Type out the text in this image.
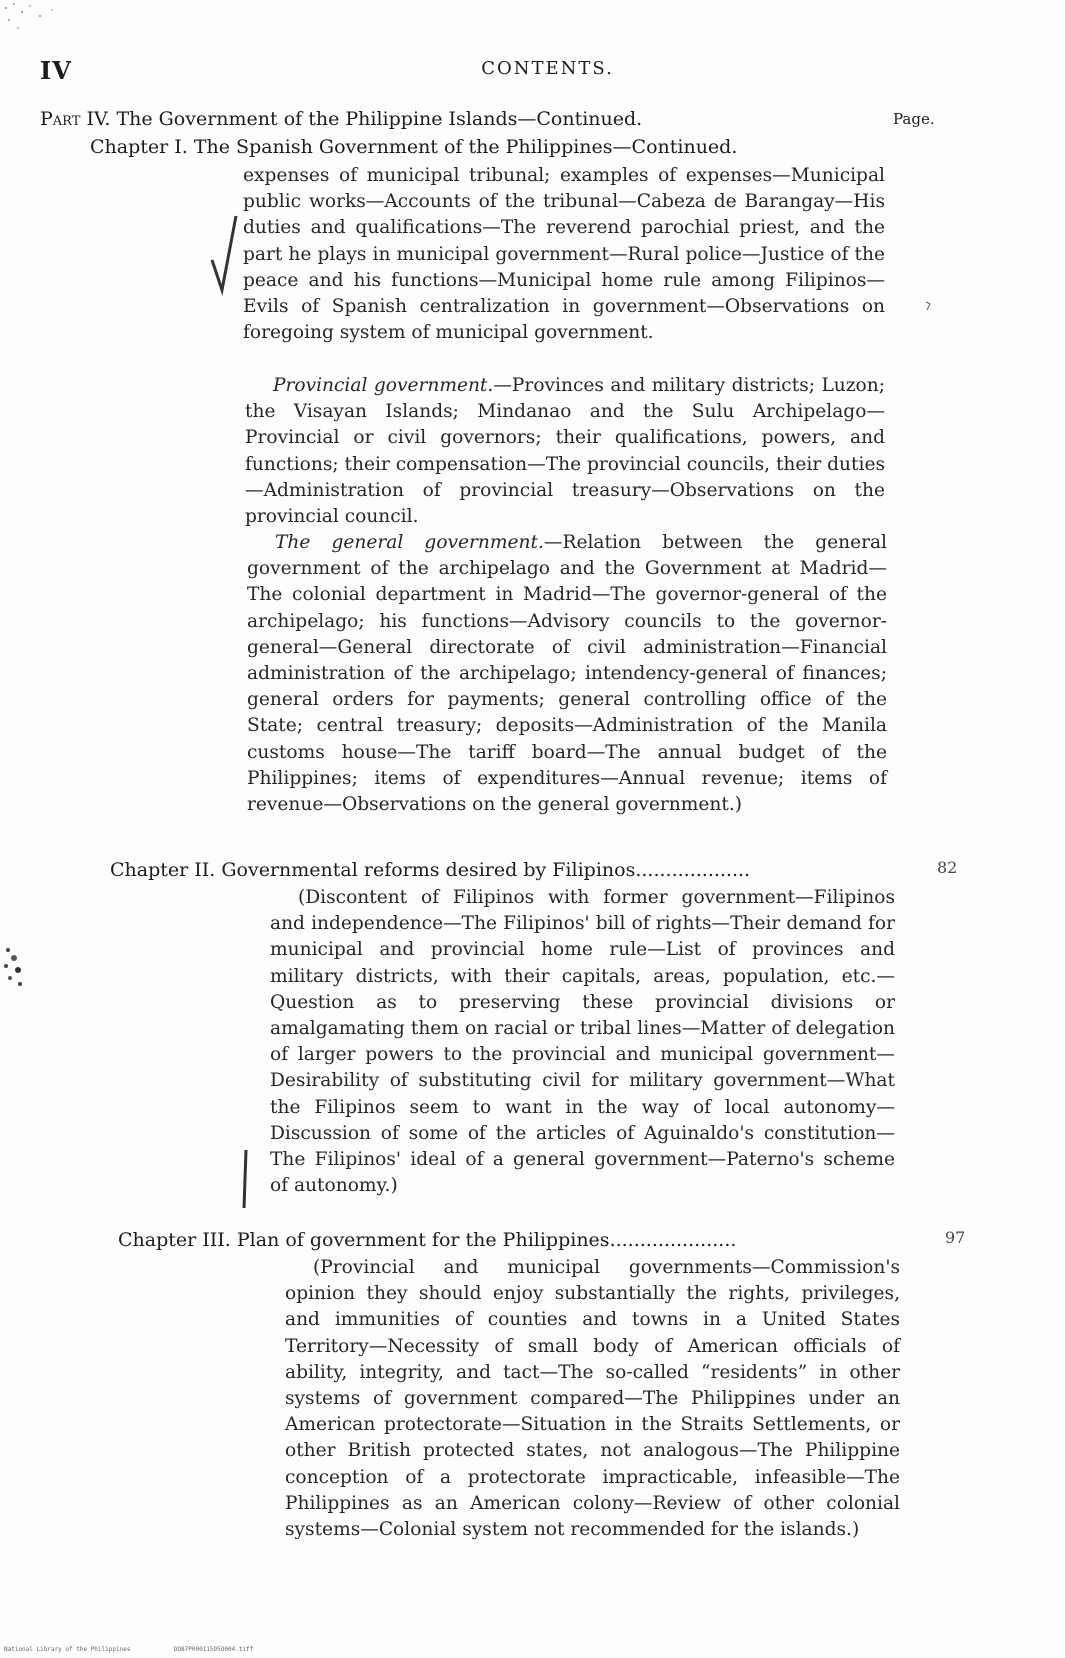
IV	CONTENTS.
Part IV. The Government of the Philippine Islands—Continued.	Page.
Chapter I. The Spanish Government of the Philippines—Continued.
expenses of municipal tribunal; examples of expenses—Municipal public works—Accounts of the tribunal—Cabeza de Barangay—His duties and qualifications—The reverend parochial priest, and the part he plays in municipal government—Rural police—Justice of the peace and his functions—Municipal home rule among Filipinos—Evils of Spanish centralization in government—Observations on foregoing system of municipal government.
Provincial government.—Provinces and military districts; Luzon; the Visayan Islands; Mindanao and the Sulu Archipelago—Provincial or civil governors; their qualifications, powers, and functions; their compensation—The provincial councils, their duties—Administration of provincial treasury—Observations on the provincial council.
The general government.—Relation between the general government of the archipelago and the Government at Madrid—The colonial department in Madrid—The governor-general of the archipelago; his functions—Advisory councils to the governor-general—General directorate of civil administration—Financial administration of the archipelago; intendency-general of finances; general orders for payments; general controlling office of the State; central treasury; deposits—Administration of the Manila customs house—The tariff board—The annual budget of the Philippines; items of expenditures—Annual revenue; items of revenue—Observations on the general government.)
Chapter II. Governmental reforms desired by Filipinos...................	82
(Discontent of Filipinos with former government—Filipinos and independence—The Filipinos' bill of rights—Their demand for municipal and provincial home rule—List of provinces and military districts, with their capitals, areas, population, etc.—Question as to preserving these provincial divisions or amalgamating them on racial or tribal lines—Matter of delegation of larger powers to the provincial and municipal government—Desirability of substituting civil for military government—What the Filipinos seem to want in the way of local autonomy—Discussion of some of the articles of Aguinaldo's constitution—The Filipinos' ideal of a general government—Paterno's scheme of autonomy.)
Chapter III. Plan of government for the Philippines.....................	97
(Provincial and municipal governments—Commission's opinion they should enjoy substantially the rights, privileges, and immunities of counties and towns in a United States Territory—Necessity of small body of American officials of ability, integrity, and tact—The so-called “residents” in other systems of government compared—The Philippines under an American protectorate—Situation in the Straits Settlements, or other British protected states, not analogous—The Philippine conception of a protectorate impracticable, infeasible—The Philippines as an American colony—Review of other colonial systems—Colonial system not recommended for the islands.)
National Library of the Philippines	DO87P00011595O004.tiff
